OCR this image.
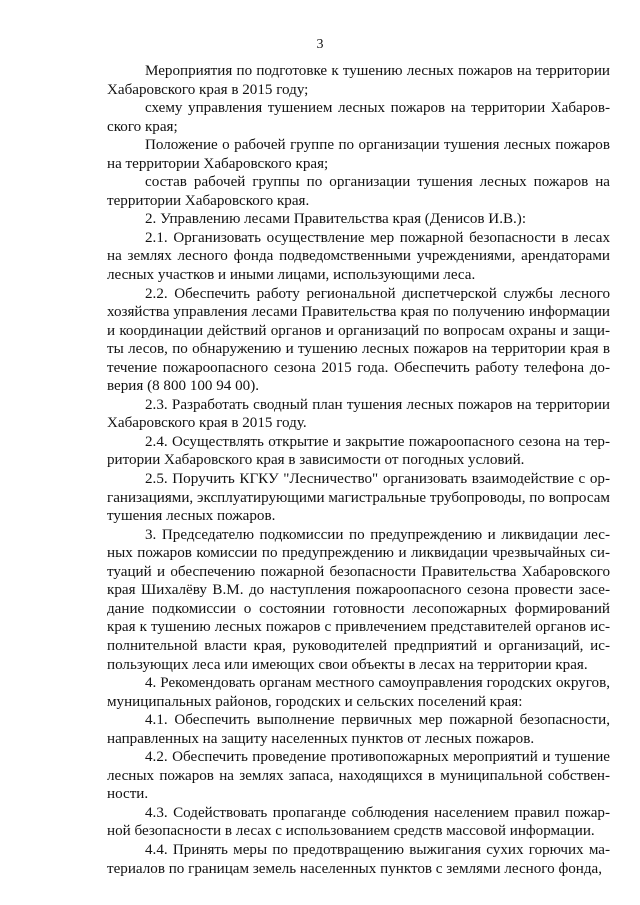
3

Мероприятия по подготовке к тушению лесных пожаров на территории Хабаровского края в 2015 году;

схему управления тушением лесных пожаров на территории Хабаровского края;

Положение о рабочей группе по организации тушения лесных пожаров на территории Хабаровского края;

состав рабочей группы по организации тушения лесных пожаров на территории Хабаровского края.

2. Управлению лесами Правительства края (Денисов И.В.):

2.1. Организовать осуществление мер пожарной безопасности в лесах на землях лесного фонда подведомственными учреждениями, арендаторами лесных участков и иными лицами, использующими леса.

2.2. Обеспечить работу региональной диспетчерской службы лесного хозяйства управления лесами Правительства края по получению информации и координации действий органов и организаций по вопросам охраны и защиты лесов, по обнаружению и тушению лесных пожаров на территории края в течение пожароопасного сезона 2015 года. Обеспечить работу телефона доверия (8 800 100 94 00).

2.3. Разработать сводный план тушения лесных пожаров на территории Хабаровского края в 2015 году.

2.4. Осуществлять открытие и закрытие пожароопасного сезона на территории Хабаровского края в зависимости от погодных условий.

2.5. Поручить КГКУ "Лесничество" организовать взаимодействие с организациями, эксплуатирующими магистральные трубопроводы, по вопросам тушения лесных пожаров.

3. Председателю подкомиссии по предупреждению и ликвидации лесных пожаров комиссии по предупреждению и ликвидации чрезвычайных ситуаций и обеспечению пожарной безопасности Правительства Хабаровского края Шихалёву В.М. до наступления пожароопасного сезона провести заседание подкомиссии о состоянии готовности лесопожарных формирований края к тушению лесных пожаров с привлечением представителей органов исполнительной власти края, руководителей предприятий и организаций, использующих леса или имеющих свои объекты в лесах на территории края.

4. Рекомендовать органам местного самоуправления городских округов, муниципальных районов, городских и сельских поселений края:

4.1. Обеспечить выполнение первичных мер пожарной безопасности, направленных на защиту населенных пунктов от лесных пожаров.

4.2. Обеспечить проведение противопожарных мероприятий и тушение лесных пожаров на землях запаса, находящихся в муниципальной собственности.

4.3. Содействовать пропаганде соблюдения населением правил пожарной безопасности в лесах с использованием средств массовой информации.

4.4. Принять меры по предотвращению выжигания сухих горючих материалов по границам земель населенных пунктов с землями лесного фонда,
